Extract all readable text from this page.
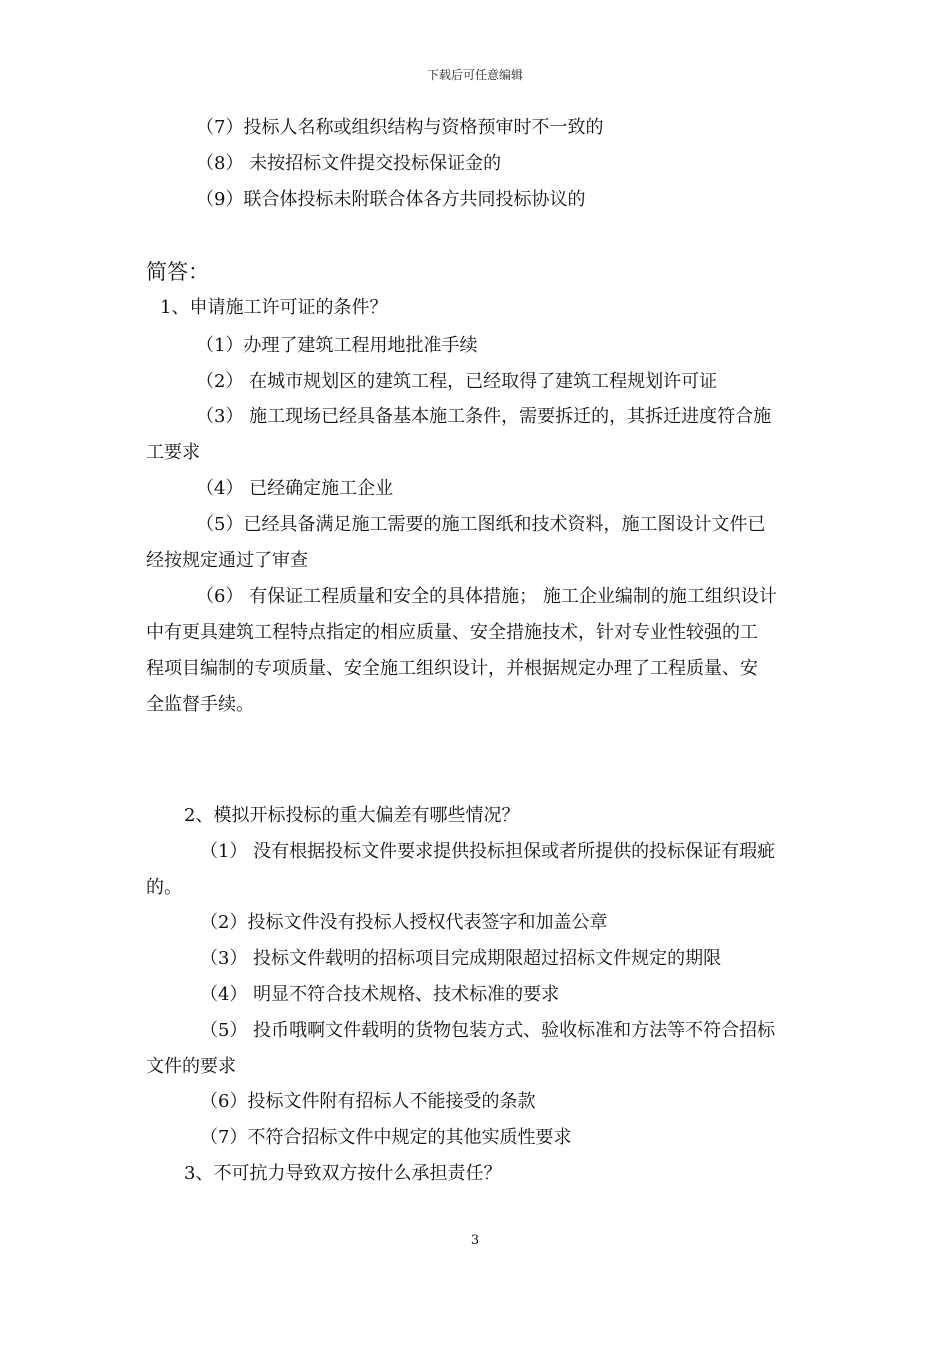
下载后可任意编辑
（7）投标人名称或组织结构与资格预审时不一致的
（8） 未按招标文件提交投标保证金的
（9）联合体投标未附联合体各方共同投标协议的
简答：
1、申请施工许可证的条件？
（1）办理了建筑工程用地批准手续
（2） 在城市规划区的建筑工程，已经取得了建筑工程规划许可证
（3） 施工现场已经具备基本施工条件，需要拆迁的，其拆迁进度符合施
工要求
（4） 已经确定施工企业
（5）已经具备满足施工需要的施工图纸和技术资料，施工图设计文件已
经按规定通过了审查
（6） 有保证工程质量和安全的具体措施； 施工企业编制的施工组织设计
中有更具建筑工程特点指定的相应质量、安全措施技术，针对专业性较强的工
程项目编制的专项质量、安全施工组织设计，并根据规定办理了工程质量、安
全监督手续。
2、模拟开标投标的重大偏差有哪些情况？
（1） 没有根据投标文件要求提供投标担保或者所提供的投标保证有瑕疵
的。
（2）投标文件没有投标人授权代表签字和加盖公章
（3） 投标文件载明的招标项目完成期限超过招标文件规定的期限
（4） 明显不符合技术规格、技术标准的要求
（5） 投币哦啊文件载明的货物包装方式、验收标准和方法等不符合招标
文件的要求
（6）投标文件附有招标人不能接受的条款
（7）不符合招标文件中规定的其他实质性要求
3、不可抗力导致双方按什么承担责任？
3
